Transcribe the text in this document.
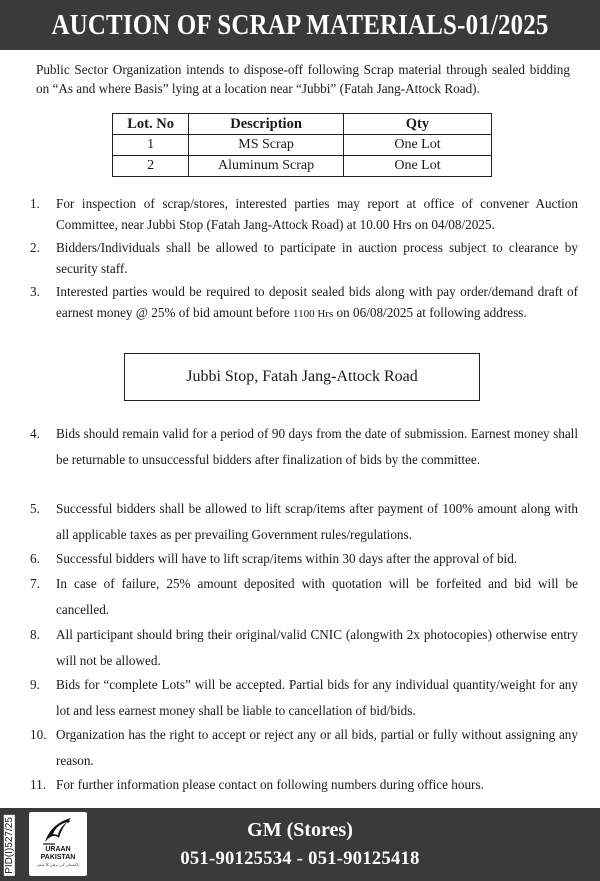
AUCTION OF SCRAP MATERIALS-01/2025
Public Sector Organization intends to dispose-off following Scrap material through sealed bidding on “As and where Basis” lying at a location near “Jubbi” (Fatah Jang-Attock Road).
Lot. No	Description	Qty
1	MS Scrap	One Lot
2	Aluminum Scrap	One Lot
1.	For inspection of scrap/stores, interested parties may report at office of convener Auction Committee, near Jubbi Stop (Fatah Jang-Attock Road) at 10.00 Hrs on 04/08/2025.
2.	Bidders/Individuals shall be allowed to participate in auction process subject to clearance by security staff.
3.	Interested parties would be required to deposit sealed bids along with pay order/demand draft of earnest money @ 25% of bid amount before 1100 Hrs on 06/08/2025 at following address.
Jubbi Stop, Fatah Jang-Attock Road
4.	Bids should remain valid for a period of 90 days from the date of submission. Earnest money shall be returnable to unsuccessful bidders after finalization of bids by the committee.
5.	Successful bidders shall be allowed to lift scrap/items after payment of 100% amount along with all applicable taxes as per prevailing Government rules/regulations.
6.	Successful bidders will have to lift scrap/items within 30 days after the approval of bid.
7.	In case of failure, 25% amount deposited with quotation will be forfeited and bid will be cancelled.
8.	All participant should bring their original/valid CNIC (alongwith 2x photocopies) otherwise entry will not be allowed.
9.	Bids for “complete Lots” will be accepted. Partial bids for any individual quantity/weight for any lot and less earnest money shall be liable to cancellation of bid/bids.
10. Organization has the right to accept or reject any or all bids, partial or fully without assigning any reason.
11. For further information please contact on following numbers during office hours.
PID(I)527/25	URAAN
PAKISTAN
پاکستان کی ترقی کا سفر
GM (Stores)
051-90125534 - 051-90125418
